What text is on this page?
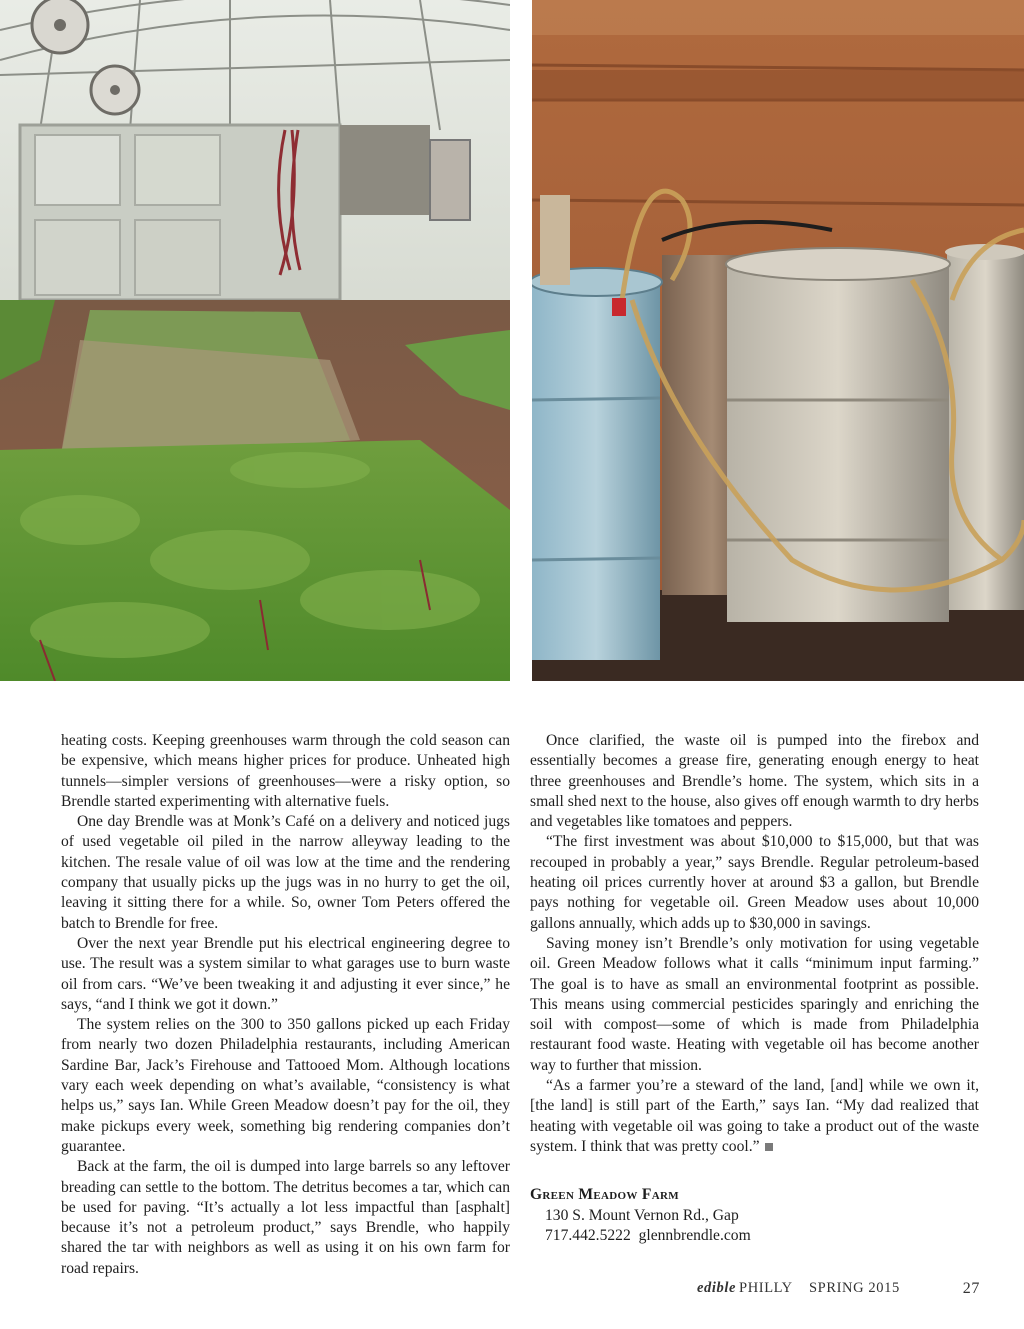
heating costs. Keeping greenhouses warm through the cold season can be expensive, which means higher prices for produce. Unheated high tunnels—simpler versions of greenhouses—were a risky option, so Brendle started experimenting with alternative fuels.

One day Brendle was at Monk’s Café on a delivery and noticed jugs of used vegetable oil piled in the narrow alleyway leading to the kitchen. The resale value of oil was low at the time and the rendering company that usually picks up the jugs was in no hurry to get the oil, leaving it sitting there for a while. So, owner Tom Peters offered the batch to Brendle for free.

Over the next year Brendle put his electrical engineering degree to use. The result was a system similar to what garages use to burn waste oil from cars. “We’ve been tweaking it and adjusting it ever since,” he says, “and I think we got it down.”

The system relies on the 300 to 350 gallons picked up each Friday from nearly two dozen Philadelphia restaurants, including American Sardine Bar, Jack’s Firehouse and Tattooed Mom. Although locations vary each week depending on what’s available, “consistency is what helps us,” says Ian. While Green Meadow doesn’t pay for the oil, they make pickups every week, something big rendering companies don’t guarantee.

Back at the farm, the oil is dumped into large barrels so any leftover breading can settle to the bottom. The detritus becomes a tar, which can be used for paving. “It’s actually a lot less impactful than [asphalt] because it’s not a petroleum product,” says Brendle, who happily shared the tar with neighbors as well as using it on his own farm for road repairs.

Once clarified, the waste oil is pumped into the firebox and essentially becomes a grease fire, generating enough energy to heat three greenhouses and Brendle’s home. The system, which sits in a small shed next to the house, also gives off enough warmth to dry herbs and vegetables like tomatoes and peppers.

“The first investment was about $10,000 to $15,000, but that was recouped in probably a year,” says Brendle. Regular petroleum-based heating oil prices currently hover at around $3 a gallon, but Brendle pays nothing for vegetable oil. Green Meadow uses about 10,000 gallons annually, which adds up to $30,000 in savings.

Saving money isn’t Brendle’s only motivation for using vegetable oil. Green Meadow follows what it calls “minimum input farming.” The goal is to have as small an environmental footprint as possible. This means using commercial pesticides sparingly and enriching the soil with compost—some of which is made from Philadelphia restaurant food waste. Heating with vegetable oil has become another way to further that mission.

“As a farmer you’re a steward of the land, [and] while we own it, [the land] is still part of the Earth,” says Ian. “My dad realized that heating with vegetable oil was going to take a product out of the waste system. I think that was pretty cool.”

Green Meadow Farm
130 S. Mount Vernon Rd., Gap
717.442.5222  glennbrendle.com
edible PHILLY SPRING 2015	27
